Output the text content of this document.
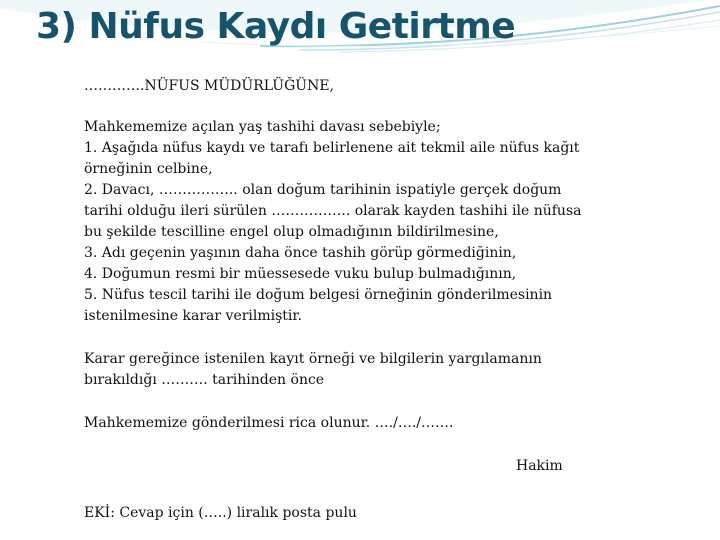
3) Nüfus Kaydı Getirtme
………….NÜFUS MÜDÜRLÜĞÜNE,
Mahkememize açılan yaş tashihi davası sebebiyle;
1. Aşağıda nüfus kaydı ve tarafı belirlenene ait tekmil aile nüfus kağıt
örneğinin celbine,
2. Davacı, …………….. olan doğum tarihinin ispatiyle gerçek doğum
tarihi olduğu ileri sürülen …………….. olarak kayden tashihi ile nüfusa
bu şekilde tescilline engel olup olmadığının bildirilmesine,
3. Adı geçenin yaşının daha önce tashih görüp görmediğinin,
4. Doğumun resmi bir müessesede vuku bulup bulmadığının,
5. Nüfus tescil tarihi ile doğum belgesi örneğinin gönderilmesinin
istenilmesine karar verilmiştir.
Karar gereğince istenilen kayıt örneği ve bilgilerin yargılamanın
bırakıldığı ………. tarihinden önce
Mahkememize gönderilmesi rica olunur. …./…./…….
Hakim
EKİ: Cevap için (…..) liralık posta pulu
